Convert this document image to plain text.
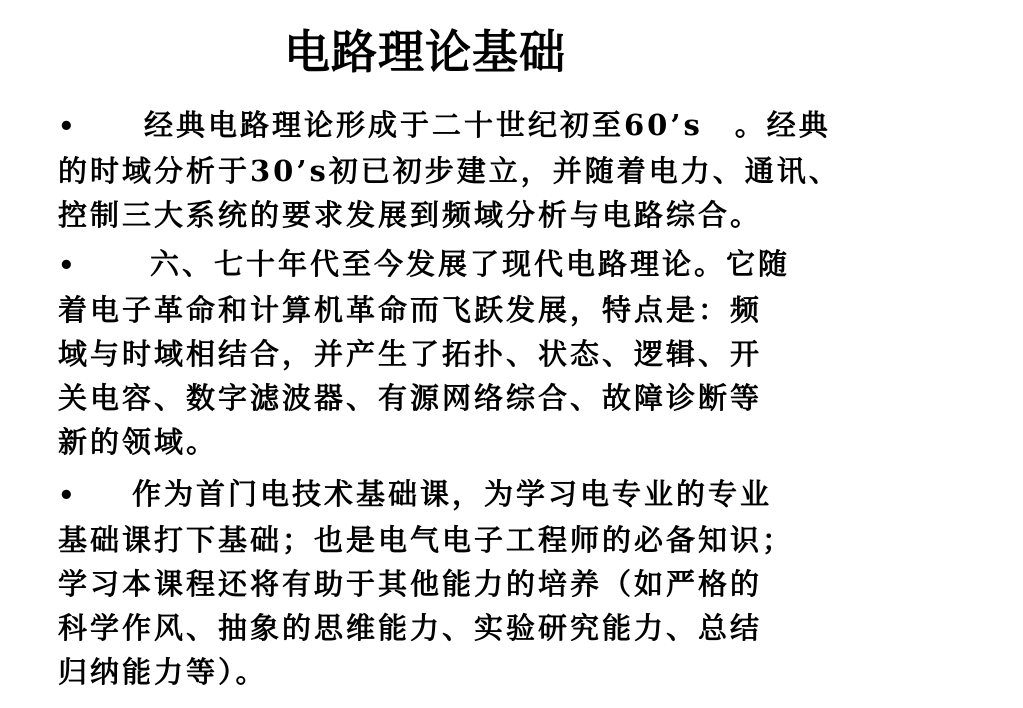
电路理论基础
• 经典电路理论形成于二十世纪初至60’s　。经典
的时域分析于30’s初已初步建立，并随着电力、通讯、
控制三大系统的要求发展到频域分析与电路综合。
• 六、七十年代至今发展了现代电路理论。它随
着电子革命和计算机革命而飞跃发展，特点是：频
域与时域相结合，并产生了拓扑、状态、逻辑、开
关电容、数字滤波器、有源网络综合、故障诊断等
新的领域。
• 作为首门电技术基础课，为学习电专业的专业
基础课打下基础；也是电气电子工程师的必备知识；
学习本课程还将有助于其他能力的培养（如严格的
科学作风、抽象的思维能力、实验研究能力、总结
归纳能力等）。
